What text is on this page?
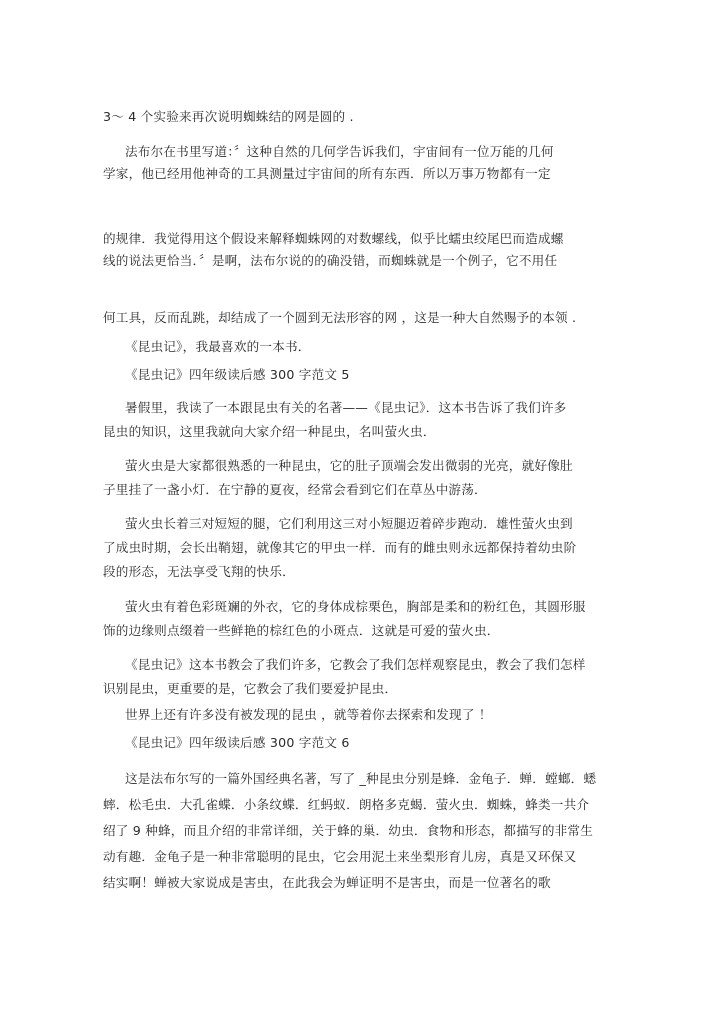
3～ 4 个实验来再次说明蜘蛛结的网是圆的 .
法布尔在书里写道：〞这种自然的几何学告诉我们，宇宙间有一位万能的几何
学家，他已经用他神奇的工具测量过宇宙间的所有东西．所以万事万物都有一定
的规律．我觉得用这个假设来解释蜘蛛网的对数螺线，似乎比蠕虫绞尾巴而造成螺
线的说法更恰当．〞是啊，法布尔说的的确没错，而蜘蛛就是一个例子，它不用任
何工具，反而乱跳，却结成了一个圆到无法形容的网 ，这是一种大自然赐予的本领 .
《昆虫记》，我最喜欢的一本书．
《昆虫记》四年级读后感 300 字范文 5
暑假里，我读了一本跟昆虫有关的名著——《昆虫记》．这本书告诉了我们许多
昆虫的知识，这里我就向大家介绍一种昆虫，名叫萤火虫．
萤火虫是大家都很熟悉的一种昆虫，它的肚子顶端会发出微弱的光亮，就好像肚
子里挂了一盏小灯．在宁静的夏夜，经常会看到它们在草丛中游荡．
萤火虫长着三对短短的腿，它们利用这三对小短腿迈着碎步跑动．雄性萤火虫到
了成虫时期，会长出鞘翅，就像其它的甲虫一样．而有的雌虫则永远都保持着幼虫阶
段的形态，无法享受飞翔的快乐．
萤火虫有着色彩斑斓的外衣，它的身体成棕栗色，胸部是柔和的粉红色，其圆形服
饰的边缘则点缀着一些鲜艳的棕红色的小斑点．这就是可爱的萤火虫．
《昆虫记》这本书教会了我们许多，它教会了我们怎样观察昆虫，教会了我们怎样
识别昆虫，更重要的是，它教会了我们要爱护昆虫．
世界上还有许多没有被发现的昆虫 ，就等着你去探索和发现了 ！
《昆虫记》四年级读后感 300 字范文 6
这是法布尔写的一篇外国经典名著，写了 _种昆虫分别是蜂．金龟子．蝉．螳螂．蟋
蟀．松毛虫．大孔雀蝶．小条纹蝶．红蚂蚁．朗格多克蝎．萤火虫．蜘蛛，蜂类一共介
绍了 9 种蜂，而且介绍的非常详细，关于蜂的巢．幼虫．食物和形态，都描写的非常生
动有趣．金龟子是一种非常聪明的昆虫，它会用泥土来坐梨形育儿房，真是又环保又
结实啊！蝉被大家说成是害虫，在此我会为蝉证明不是害虫，而是一位著名的歌
